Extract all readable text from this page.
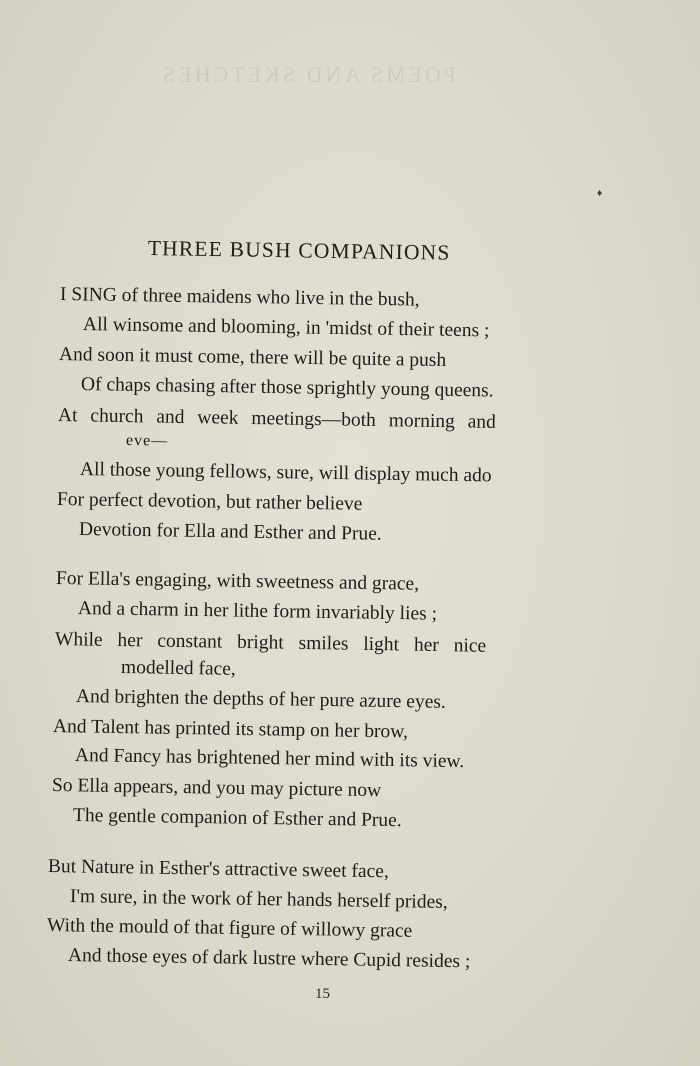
POEMS AND SKETCHES
♦
THREE BUSH COMPANIONS
I SING of three maidens who live in the bush,
All winsome and blooming, in 'midst of their teens ;
And soon it must come, there will be quite a push
Of chaps chasing after those sprightly young queens.
At church and week meetings—both morning and
eve—
All those young fellows, sure, will display much ado
For perfect devotion, but rather believe
Devotion for Ella and Esther and Prue.
For Ella's engaging, with sweetness and grace,
And a charm in her lithe form invariably lies ;
While her constant bright smiles light her nice
modelled face,
And brighten the depths of her pure azure eyes.
And Talent has printed its stamp on her brow,
And Fancy has brightened her mind with its view.
So Ella appears, and you may picture now
The gentle companion of Esther and Prue.
But Nature in Esther's attractive sweet face,
I'm sure, in the work of her hands herself prides,
With the mould of that figure of willowy grace
And those eyes of dark lustre where Cupid resides ;
15
